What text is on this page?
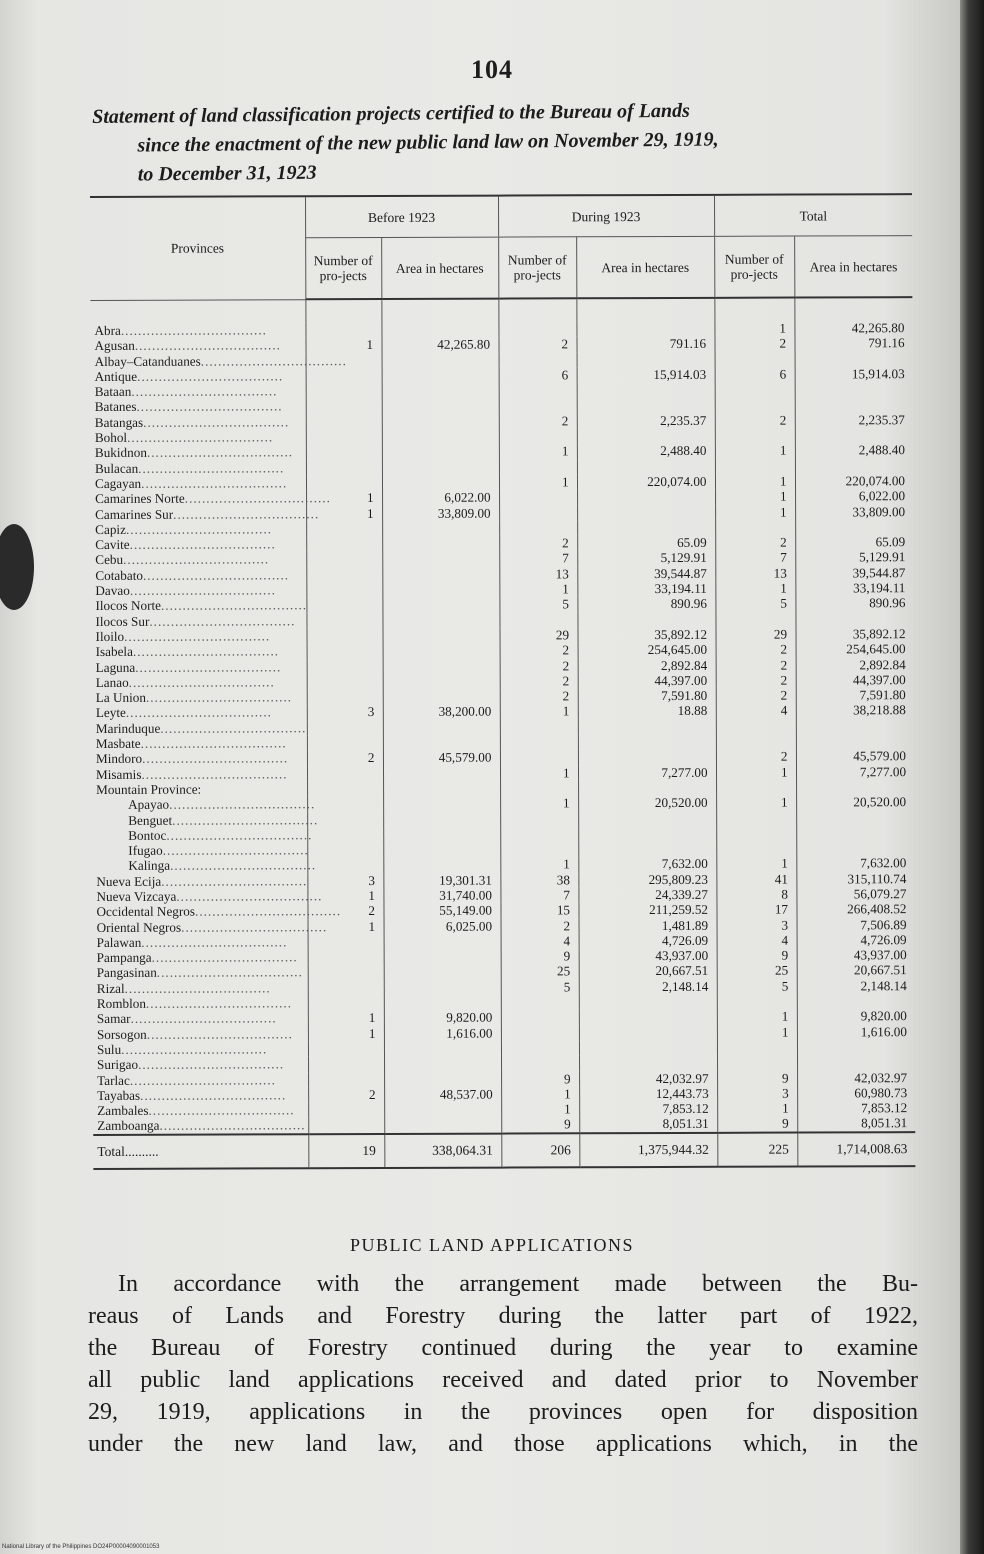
104
Statement of land classification projects certified to the Bureau of Lands
since the enactment of the new public land law on November 29, 1919,
to December 31, 1923
Provinces	Before 1923		During 1923		Total	
	Number of pro-jects	Area in hectares	Number of pro-jects	Area in hectares	Number of pro-jects	Area in hectares

Abra..................................					1	42,265.80
Agusan..................................	1	42,265.80	2	791.16	2	791.16
Albay–Catanduanes..................................						
Antique..................................			6	15,914.03	6	15,914.03
Bataan..................................						
Batanes..................................						
Batangas..................................			2	2,235.37	2	2,235.37
Bohol..................................						
Bukidnon..................................			1	2,488.40	1	2,488.40
Bulacan..................................						
Cagayan..................................			1	220,074.00	1	220,074.00
Camarines Norte..................................	1	6,022.00			1	6,022.00
Camarines Sur..................................	1	33,809.00			1	33,809.00
Capiz..................................						
Cavite..................................			2	65.09	2	65.09
Cebu..................................			7	5,129.91	7	5,129.91
Cotabato..................................			13	39,544.87	13	39,544.87
Davao..................................			1	33,194.11	1	33,194.11
Ilocos Norte..................................			5	890.96	5	890.96
Ilocos Sur..................................						
Iloilo..................................			29	35,892.12	29	35,892.12
Isabela..................................			2	254,645.00	2	254,645.00
Laguna..................................			2	2,892.84	2	2,892.84
Lanao..................................			2	44,397.00	2	44,397.00
La Union..................................			2	7,591.80	2	7,591.80
Leyte..................................	3	38,200.00	1	18.88	4	38,218.88
Marinduque..................................						
Masbate..................................						
Mindoro..................................	2	45,579.00			2	45,579.00
Misamis..................................			1	7,277.00	1	7,277.00
Mountain Province:						
Apayao..................................			1	20,520.00	1	20,520.00
Benguet..................................						
Bontoc..................................						
Ifugao..................................						
Kalinga..................................			1	7,632.00	1	7,632.00
Nueva Ecija..................................	3	19,301.31	38	295,809.23	41	315,110.74
Nueva Vizcaya..................................	1	31,740.00	7	24,339.27	8	56,079.27
Occidental Negros..................................	2	55,149.00	15	211,259.52	17	266,408.52
Oriental Negros..................................	1	6,025.00	2	1,481.89	3	7,506.89
Palawan..................................			4	4,726.09	4	4,726.09
Pampanga..................................			9	43,937.00	9	43,937.00
Pangasinan..................................			25	20,667.51	25	20,667.51
Rizal..................................			5	2,148.14	5	2,148.14
Romblon..................................						
Samar..................................	1	9,820.00			1	9,820.00
Sorsogon..................................	1	1,616.00			1	1,616.00
Sulu..................................						
Surigao..................................						
Tarlac..................................			9	42,032.97	9	42,032.97
Tayabas..................................	2	48,537.00	1	12,443.73	3	60,980.73
Zambales..................................			1	7,853.12	1	7,853.12
Zamboanga..................................			9	8,051.31	9	8,051.31
Total..........	19	338,064.31	206	1,375,944.32	225	1,714,008.63
PUBLIC LAND APPLICATIONS
In accordance with the arrangement made between the Bu-
reaus of Lands and Forestry during the latter part of 1922,
the Bureau of Forestry continued during the year to examine
all public land applications received and dated prior to November
29, 1919, applications in the provinces open for disposition
under the new land law, and those applications which, in the
National Library of the Philippines DO24P00004090001053
